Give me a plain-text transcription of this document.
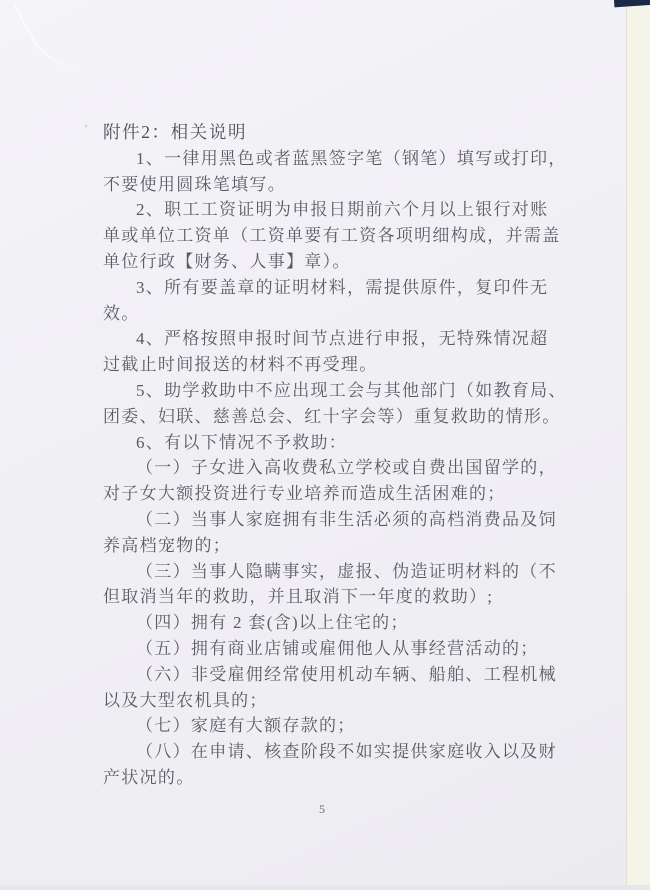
ʹ 附件2：相关说明
1、一律用黑色或者蓝黑签字笔（钢笔）填写或打印，
不要使用圆珠笔填写。
2、职工工资证明为申报日期前六个月以上银行对账
单或单位工资单（工资单要有工资各项明细构成，并需盖
单位行政【财务、人事】章）。
3、所有要盖章的证明材料，需提供原件，复印件无
效。
4、严格按照申报时间节点进行申报，无特殊情况超
过截止时间报送的材料不再受理。
5、助学救助中不应出现工会与其他部门（如教育局、
团委、妇联、慈善总会、红十字会等）重复救助的情形。
6、有以下情况不予救助：
（一）子女进入高收费私立学校或自费出国留学的，
对子女大额投资进行专业培养而造成生活困难的；
（二）当事人家庭拥有非生活必须的高档消费品及饲
养高档宠物的；
（三）当事人隐瞒事实，虚报、伪造证明材料的（不
但取消当年的救助，并且取消下一年度的救助）;
（四）拥有 2 套(含)以上住宅的；
（五）拥有商业店铺或雇佣他人从事经营活动的；
（六）非受雇佣经常使用机动车辆、船舶、工程机械
以及大型农机具的；
（七）家庭有大额存款的；
（八）在申请、核查阶段不如实提供家庭收入以及财
产状况的。
5
